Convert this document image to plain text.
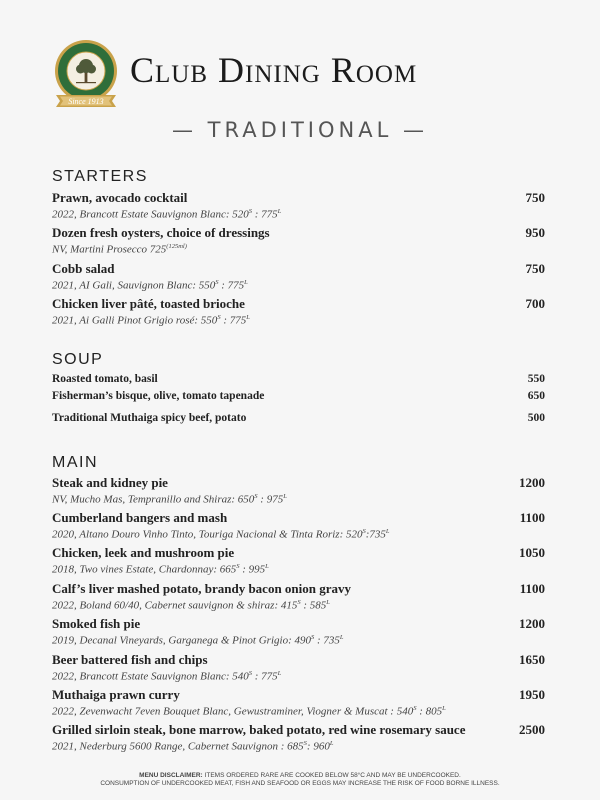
Since 1913
Club Dining Room
— TRADITIONAL —
STARTERS
Prawn, avocado cocktail	750
2022, Brancott Estate Sauvignon Blanc: $520^S$ : $775^L$
Dozen fresh oysters, choice of dressings	950
NV, Martini Prosecco $725^{(125ml)}$
Cobb salad	750
2021, AI Gali, Sauvignon Blanc: $550^S$ : $775^L$
Chicken liver pâté, toasted brioche	700
2021, Ai Galli Pinot Grigio rosé: $550^S$ : $775^L$
SOUP
Roasted tomato, basil	550
Fisherman’s bisque, olive, tomato tapenade	650
Traditional Muthaiga spicy beef, potato	500
MAIN
Steak and kidney pie	1200
NV, Mucho Mas, Tempranillo and Shiraz: $650^S$ : $975^L$
Cumberland bangers and mash	1100
2020, Altano Douro Vinho Tinto, Touriga Nacional & Tinta Roriz: $520^S:735^L$
Chicken, leek and mushroom pie	1050
2018, Two vines Estate, Chardonnay: $665^S$ : $995^L$
Calf’s liver mashed potato, brandy bacon onion gravy	1100
2022, Boland 60/40, Cabernet sauvignon & shiraz: $415^S$ : $585^L$
Smoked fish pie	1200
2019, Decanal Vineyards, Garganega & Pinot Grigio: $490^S$ : $735^L$
Beer battered fish and chips	1650
2022, Brancott Estate Sauvignon Blanc: $540^S$ : $775^L$
Muthaiga prawn curry	1950
2022, Zevenwacht 7even Bouquet Blanc, Gewustraminer, Viogner & Muscat : $540^S$ : $805^L$
Grilled sirloin steak, bone marrow, baked potato, red wine rosemary sauce	2500
2021, Nederburg 5600 Range, Cabernet Sauvignon : $685^S$: $960^L$
MENU DISCLAIMER: ITEMS ORDERED RARE ARE COOKED BELOW 58°C AND MAY BE UNDERCOOKED.
CONSUMPTION OF UNDERCOOKED MEAT, FISH AND SEAFOOD OR EGGS MAY INCREASE THE RISK OF FOOD BORNE ILLNESS.
